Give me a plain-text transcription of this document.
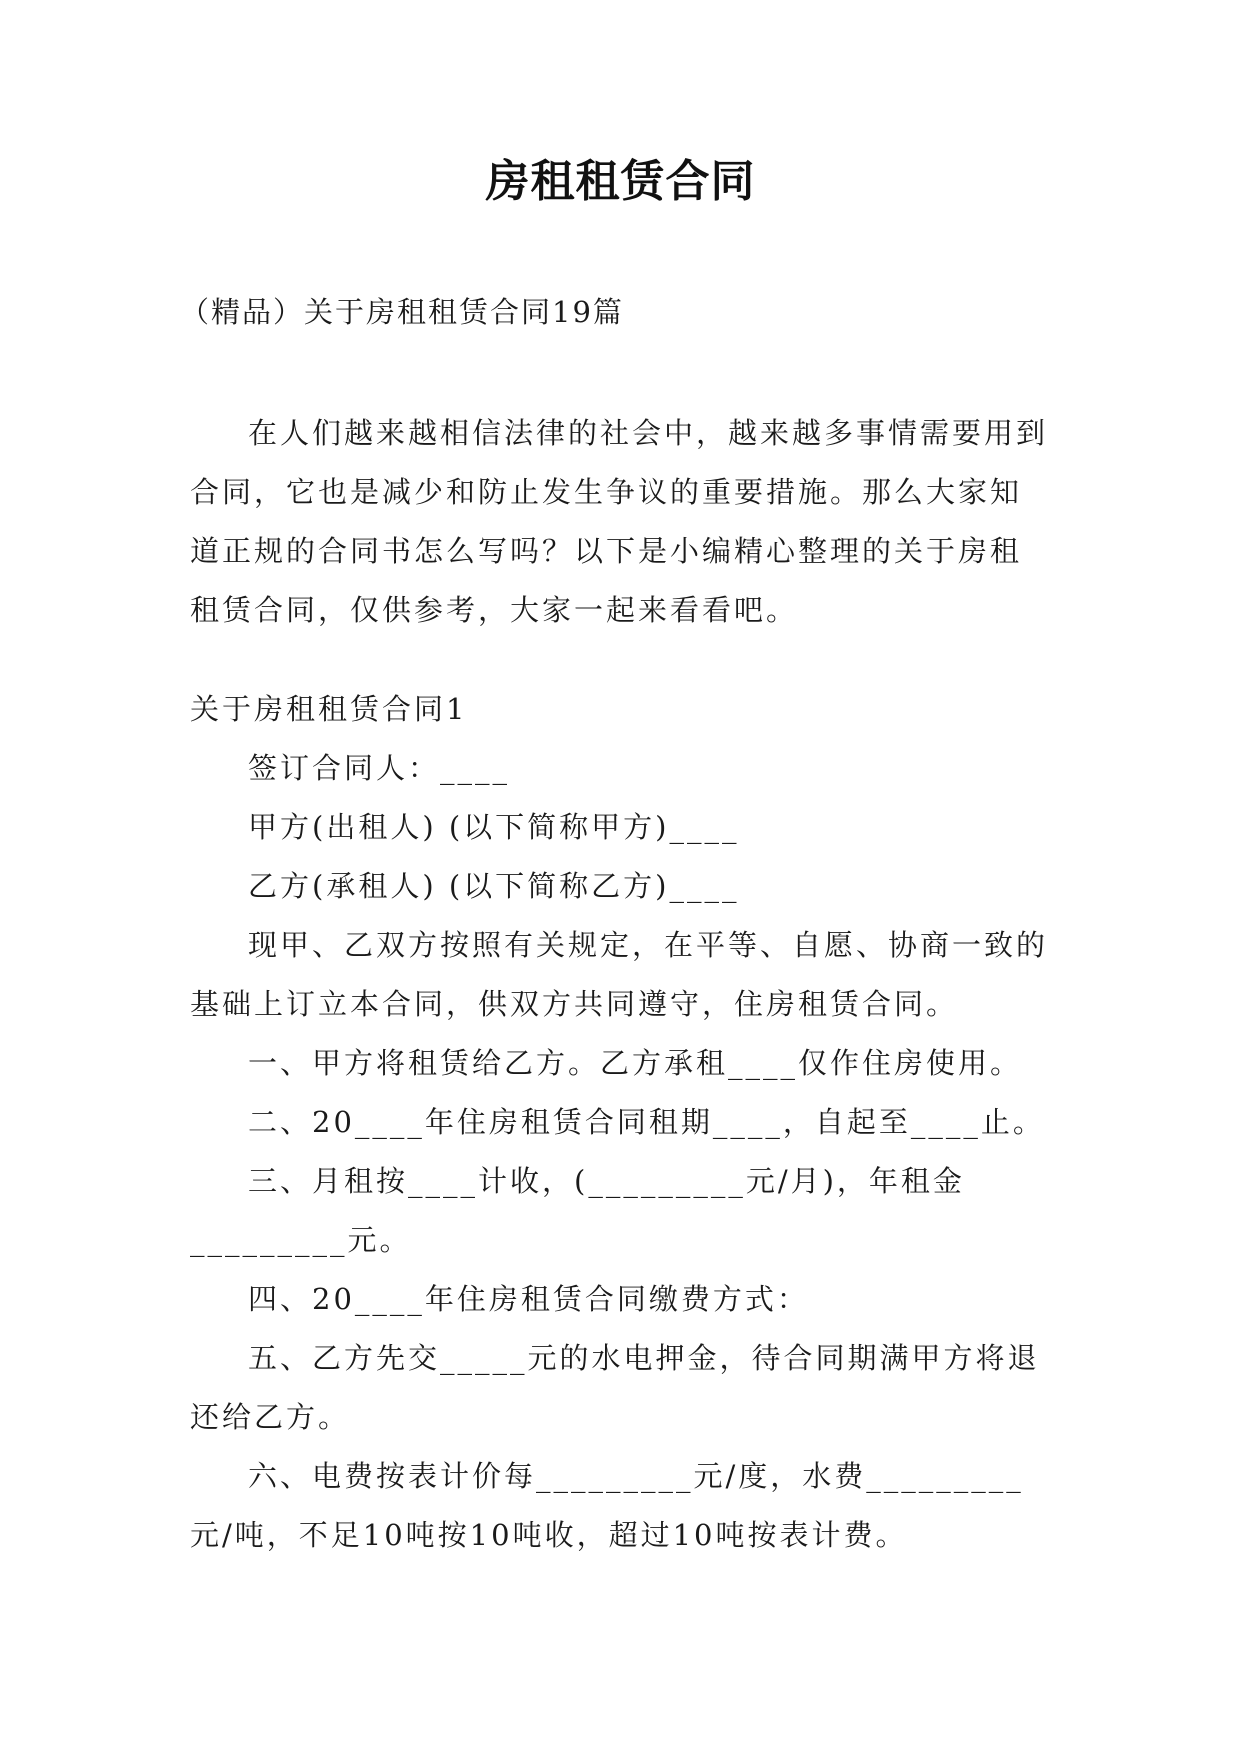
房租租赁合同
（精品）关于房租租赁合同19篇

在人们越来越相信法律的社会中，越来越多事情需要用到合同，它也是减少和防止发生争议的重要措施。那么大家知道正规的合同书怎么写吗？以下是小编精心整理的关于房租租赁合同，仅供参考，大家一起来看看吧。

关于房租租赁合同1

签订合同人：____

甲方(出租人) (以下简称甲方)____

乙方(承租人) (以下简称乙方)____

现甲、乙双方按照有关规定，在平等、自愿、协商一致的基础上订立本合同，供双方共同遵守，住房租赁合同。

一、甲方将租赁给乙方。乙方承租____仅作住房使用。

二、20____年住房租赁合同租期____，自起至____止。

三、月租按____计收，(_________元/月)，年租金_________元。

四、20____年住房租赁合同缴费方式：

五、乙方先交_____元的水电押金，待合同期满甲方将退还给乙方。

六、电费按表计价每_________元/度，水费_________元/吨，不足10吨按10吨收，超过10吨按表计费。
